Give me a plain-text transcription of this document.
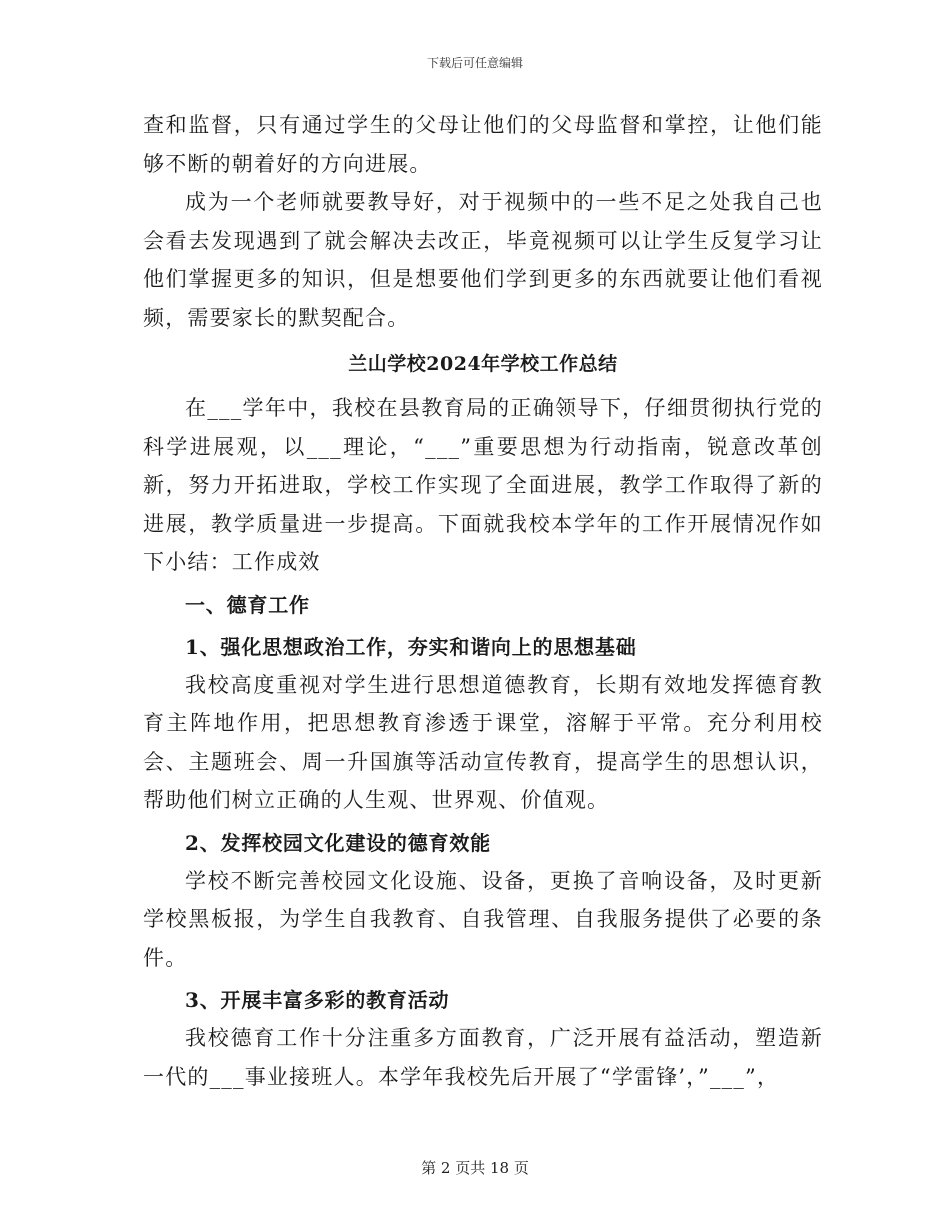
下载后可任意编辑

查和监督，只有通过学生的父母让他们的父母监督和掌控，让他们能够不断的朝着好的方向进展。

成为一个老师就要教导好，对于视频中的一些不足之处我自己也会看去发现遇到了就会解决去改正，毕竟视频可以让学生反复学习让他们掌握更多的知识，但是想要他们学到更多的东西就要让他们看视频，需要家长的默契配合。

兰山学校2024年学校工作总结

在___学年中，我校在县教育局的正确领导下，仔细贯彻执行党的科学进展观，以___理论，“___”重要思想为行动指南，锐意改革创新，努力开拓进取，学校工作实现了全面进展，教学工作取得了新的进展，教学质量进一步提高。下面就我校本学年的工作开展情况作如下小结：工作成效

一、德育工作
1、强化思想政治工作，夯实和谐向上的思想基础

我校高度重视对学生进行思想道德教育，长期有效地发挥德育教育主阵地作用，把思想教育渗透于课堂，溶解于平常。充分利用校会、主题班会、周一升国旗等活动宣传教育，提高学生的思想认识，帮助他们树立正确的人生观、世界观、价值观。

2、发挥校园文化建设的德育效能

学校不断完善校园文化设施、设备，更换了音响设备，及时更新学校黑板报，为学生自我教育、自我管理、自我服务提供了必要的条件。

3、开展丰富多彩的教育活动

我校德育工作十分注重多方面教育，广泛开展有益活动，塑造新一代的___事业接班人。本学年我校先后开展了“学雷锋’，”___”，

第 2 页共 18 页
